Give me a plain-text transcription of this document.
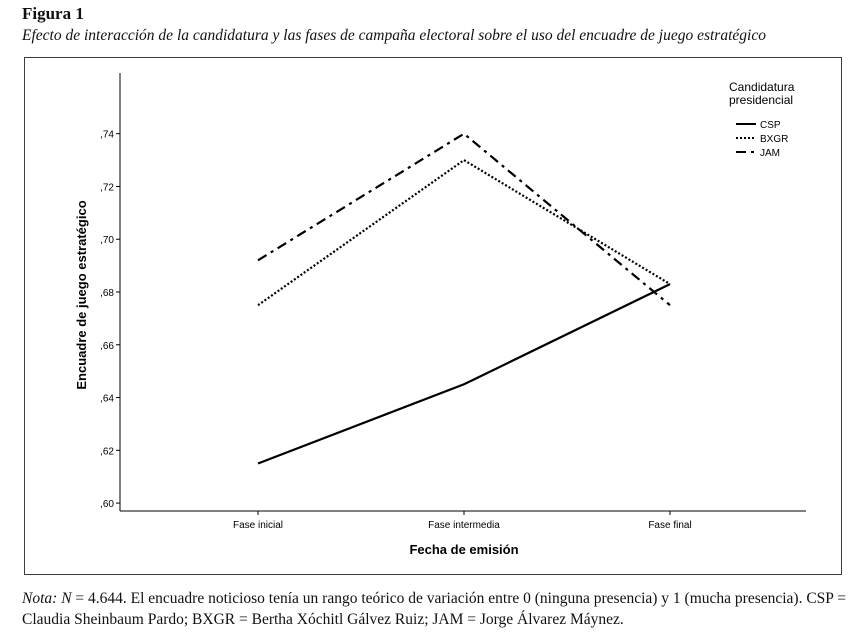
Figura 1
Efecto de interacción de la candidatura y las fases de campaña electoral sobre el uso del encuadre de juego estratégico
,60
,62
,64
,66
,68
,70
,72
,74
Fase inicial	Fase intermedia	Fase final
Candidatura
presidencial
CSP
BXGR
JAM
Fecha de emisión
Encuadre de juego estratégico
Nota: N = 4.644. El encuadre noticioso tenía un rango teórico de variación entre 0 (ninguna presencia) y 1 (mucha presencia). CSP = Claudia Sheinbaum Pardo; BXGR = Bertha Xóchitl Gálvez Ruiz; JAM = Jorge Álvarez Máynez.
